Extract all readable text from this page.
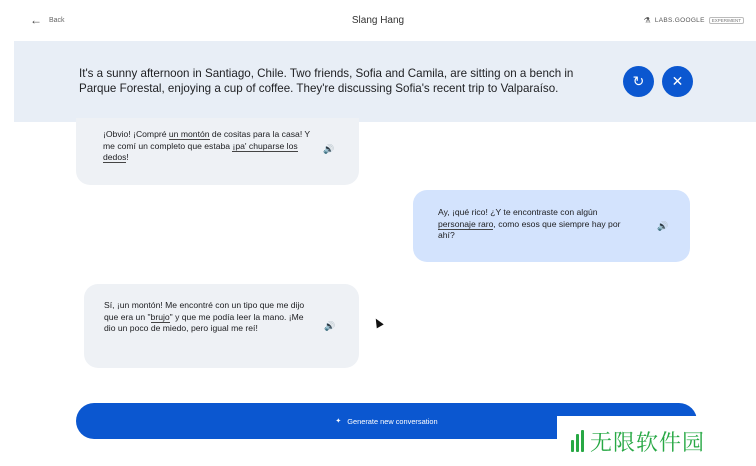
← Back	Slang Hang	⚗ LABS.GOOGLE	EXPERIMENT
It's a sunny afternoon in Santiago, Chile. Two friends, Sofia and Camila, are sitting on a bench in Parque Forestal, enjoying a cup of coffee. They're discussing Sofia's recent trip to Valparaíso.	↻ ✕
¡Obvio! ¡Compré un montón de cositas para la casa! Y me comí un completo que estaba ¡pa' chuparse los dedos!
🔊
Ay, ¡qué rico! ¿Y te encontraste con algún personaje raro, como esos que siempre hay por ahí?
🔊
Sí, ¡un montón! Me encontré con un tipo que me dijo que era un "brujo" y que me podía leer la mano. ¡Me dio un poco de miedo, pero igual me reí!	🔊
✦ Generate new conversation
无限软件园
